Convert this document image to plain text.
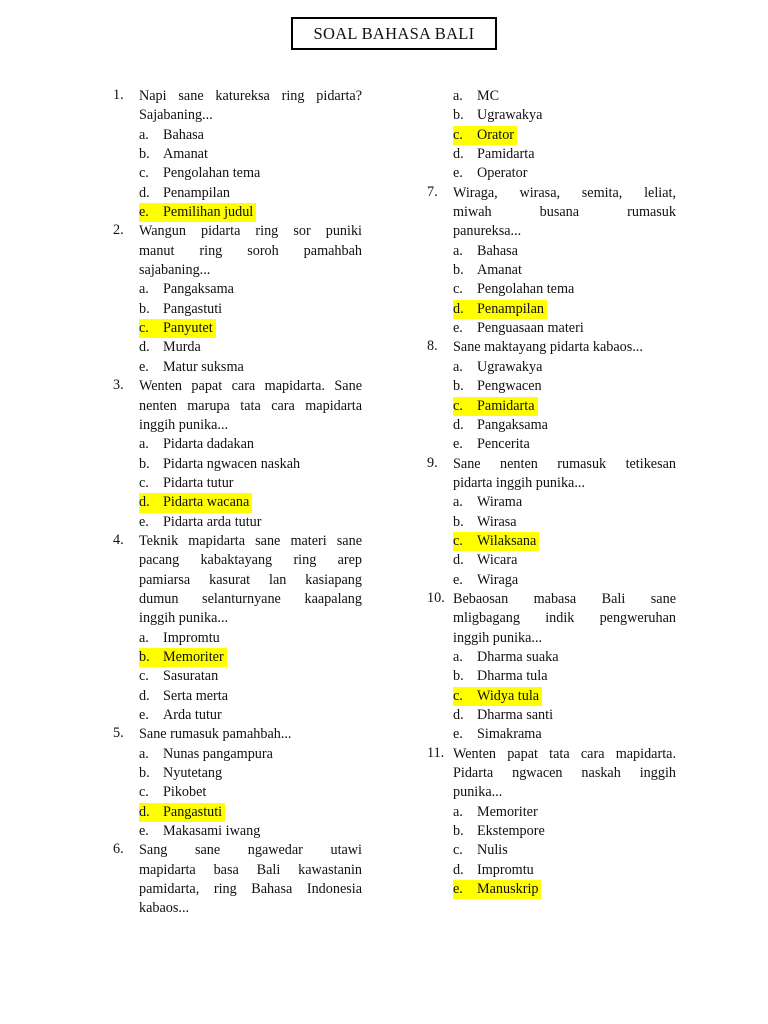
SOAL BAHASA BALI
1.	Napi sane katureksa ring pidarta?
Sajabaning...
a. Bahasa
b. Amanat
c. Pengolahan tema
d. Penampilan
e. Pemilihan judul
2.	Wangun pidarta ring sor puniki
manut ring soroh pamahbah
sajabaning...
a. Pangaksama
b. Pangastuti
c. Panyutet
d. Murda
e. Matur suksma
3.	Wenten papat cara mapidarta. Sane
nenten marupa tata cara mapidarta
inggih punika...
a. Pidarta dadakan
b. Pidarta ngwacen naskah
c. Pidarta tutur
d. Pidarta wacana
e. Pidarta arda tutur
4.	Teknik mapidarta sane materi sane
pacang kabaktayang ring arep
pamiarsa kasurat lan kasiapang
dumun selanturnyane kaapalang
inggih punika...
a. Impromtu
b. Memoriter
c. Sasuratan
d. Serta merta
e. Arda tutur
5.	Sane rumasuk pamahbah...
a. Nunas pangampura
b. Nyutetang
c. Pikobet
d. Pangastuti
e. Makasami iwang
6.	Sang sane ngawedar utawi
mapidarta basa Bali kawastanin
pamidarta, ring Bahasa Indonesia
kabaos...
a. MC
b. Ugrawakya
c. Orator
d. Pamidarta
e. Operator
7.	Wiraga, wirasa, semita, leliat,
miwah busana rumasuk
panureksa...
a. Bahasa
b. Amanat
c. Pengolahan tema
d. Penampilan
e. Penguasaan materi
8.	Sane maktayang pidarta kabaos...
a. Ugrawakya
b. Pengwacen
c. Pamidarta
d. Pangaksama
e. Pencerita
9.	Sane nenten rumasuk tetikesan
pidarta inggih punika...
a. Wirama
b. Wirasa
c. Wilaksana
d. Wicara
e. Wiraga
10. Bebaosan mabasa Bali sane
mligbagang indik pengweruhan
inggih punika...
a. Dharma suaka
b. Dharma tula
c. Widya tula
d. Dharma santi
e. Simakrama
11. Wenten papat tata cara mapidarta.
Pidarta ngwacen naskah inggih
punika...
a. Memoriter
b. Ekstempore
c. Nulis
d. Impromtu
e. Manuskrip
